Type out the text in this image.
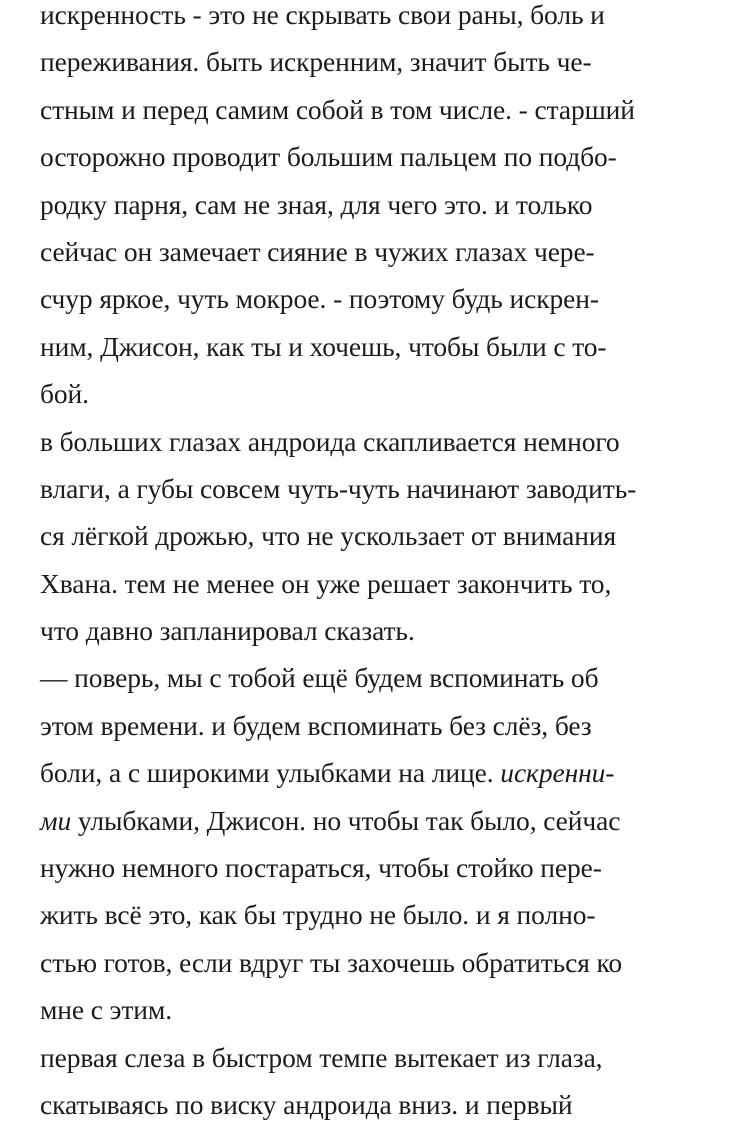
искренность - это не скрывать свои раны, боль и
переживания. быть искренним, значит быть че-
стным и перед самим собой в том числе. - старший
осторожно проводит большим пальцем по подбо-
родку парня, сам не зная, для чего это. и только
сейчас он замечает сияние в чужих глазах чере-
счур яркое, чуть мокрое. - поэтому будь искрен-
ним, Джисон, как ты и хочешь, чтобы были с то-
бой.
в больших глазах андроида скапливается немного
влаги, а губы совсем чуть-чуть начинают заводить-
ся лёгкой дрожью, что не ускользает от внимания
Хвана. тем не менее он уже решает закончить то,
что давно запланировал сказать.
— поверь, мы с тобой ещё будем вспоминать об
этом времени. и будем вспоминать без слёз, без
боли, а с широкими улыбками на лице. искренни-
ми улыбками, Джисон. но чтобы так было, сейчас
нужно немного постараться, чтобы стойко пере-
жить всё это, как бы трудно не было. и я полно-
стью готов, если вдруг ты захочешь обратиться ко
мне с этим.
первая слеза в быстром темпе вытекает из глаза,
скатываясь по виску андроида вниз. и первый
